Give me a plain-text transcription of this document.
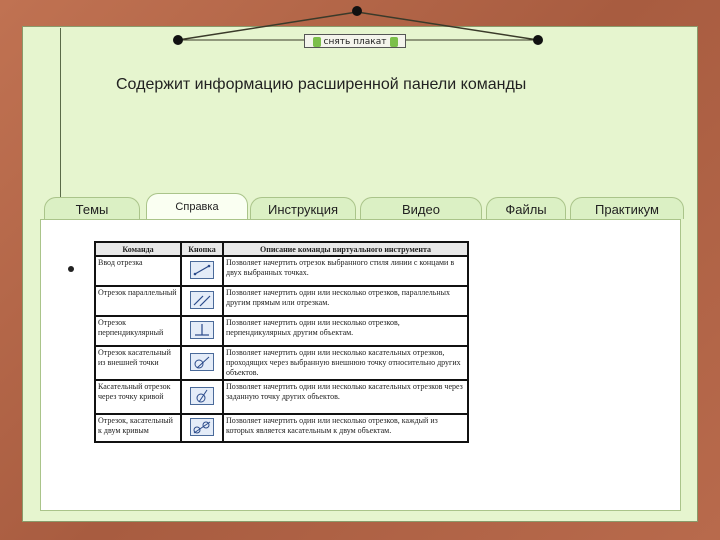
снять плакат
Содержит информацию расширенной панели команды
Темы	Справка	Инструкция	Видео	Файлы	Практикум
Команда	Кнопка	Описание команды виртуального инструмента
Ввод отрезка		Позволяет начертить отрезок выбранного стиля линии с концами в двух выбранных точках.
Отрезок параллельный		Позволяет начертить один или несколько отрезков, параллельных другим прямым или отрезкам.
Отрезок перпендикулярный		Позволяет начертить один или несколько отрезков, перпендикулярных другим объектам.
Отрезок касательный из внешней точки		Позволяет начертить один или несколько касательных отрезков, проходящих через выбранную внешнюю точку относительно других объектов.
Касательный отрезок через точку кривой		Позволяет начертить один или несколько касательных отрезков через заданную точку других объектов.
Отрезок, касательный к двум кривым		Позволяет начертить один или несколько отрезков, каждый из которых является касательным к двум объектам.
